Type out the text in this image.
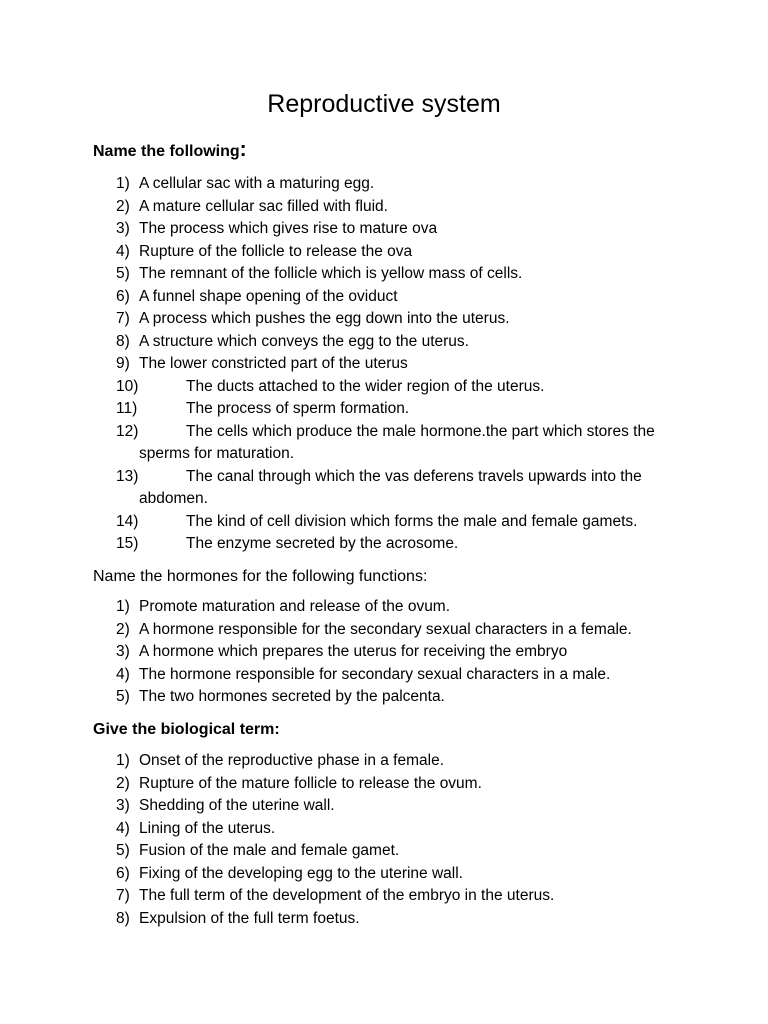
Reproductive system
Name the following:
1) A cellular sac with a maturing egg.
2) A mature cellular sac filled with fluid.
3) The process which gives rise to mature ova
4) Rupture of the follicle to release the ova
5) The remnant of the follicle which is yellow mass of cells.
6) A funnel shape opening of the oviduct
7) A process which pushes the egg down into the uterus.
8) A structure which conveys the egg to the uterus.
9) The lower constricted part of the uterus
10)	The ducts attached to the wider region of the uterus.
11)	The process of sperm formation.
12)	The cells which produce the male hormone.the part which stores the sperms for maturation.
13)	The canal through which the vas deferens travels upwards into the abdomen.
14)	The kind of cell division which forms the male and female gamets.
15)	The enzyme secreted by the acrosome.
Name the hormones for the following functions:
1) Promote maturation and release of the ovum.
2) A hormone responsible for the secondary sexual characters in a female.
3) A hormone which prepares the uterus for receiving the embryo
4) The hormone responsible for secondary sexual characters in a male.
5) The two hormones secreted by the palcenta.
Give the biological term:
1) Onset of the reproductive phase in a female.
2) Rupture of the mature follicle to release the ovum.
3) Shedding of the uterine wall.
4) Lining of the uterus.
5) Fusion of the male and female gamet.
6) Fixing of the developing egg to the uterine wall.
7) The full term of the development of the embryo in the uterus.
8) Expulsion of the full term foetus.
